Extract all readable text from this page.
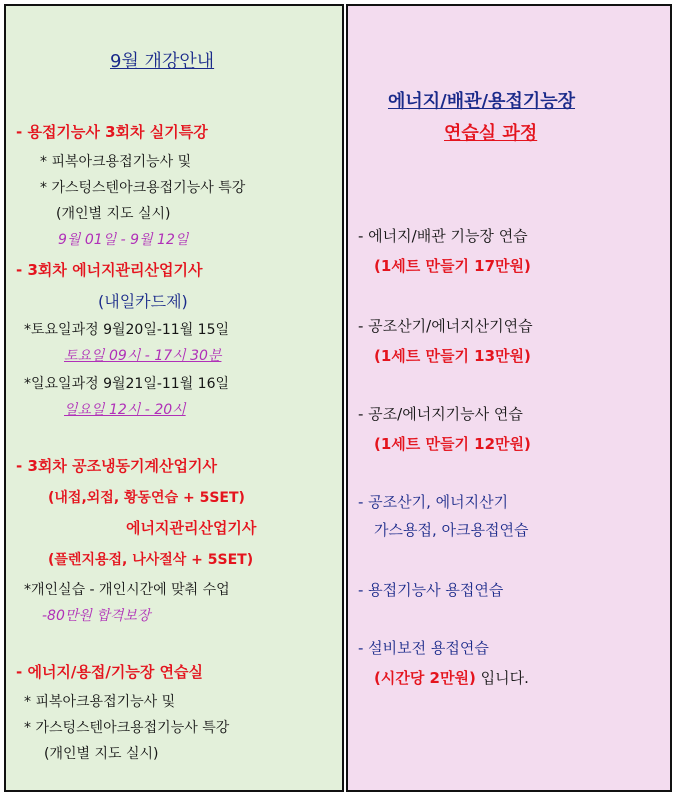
9월 개강안내
- 용접기능사 3회차 실기특강
* 피복아크용접기능사 및
* 가스텅스텐아크용접기능사 특강
(개인별 지도 실시)
9월 01일 - 9월 12일
- 3회차 에너지관리산업기사
(내일카드제)
*토요일과정 9월20일-11월 15일
토요일 09시 - 17시 30분
*일요일과정 9월21일-11월 16일
일요일 12시 - 20시
- 3회차 공조냉동기계산업기사
(내접,외접, 황동연습 + 5SET)
에너지관리산업기사
(플렌지용접, 나사절삭 + 5SET)
*개인실습 - 개인시간에 맞춰 수업
-80만원 합격보장
- 에너지/용접/기능장 연습실
* 피복아크용접기능사 및
* 가스텅스텐아크용접기능사 특강
(개인별 지도 실시)
에너지/배관/용접기능장
연습실 과정
- 에너지/배관 기능장 연습
(1세트 만들기 17만원)
- 공조산기/에너지산기연습
(1세트 만들기 13만원)
- 공조/에너지기능사 연습
(1세트 만들기 12만원)
- 공조산기, 에너지산기
가스용접, 아크용접연습
- 용접기능사 용접연습
- 설비보전 용접연습
(시간당 2만원) 입니다.
